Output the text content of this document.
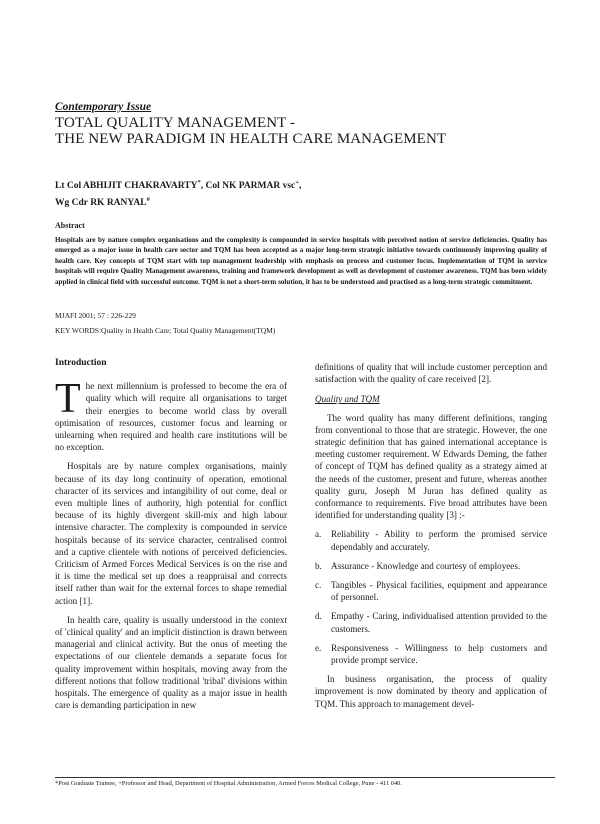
Contemporary Issue

TOTAL QUALITY MANAGEMENT -
THE NEW PARADIGM IN HEALTH CARE MANAGEMENT
Lt Col ABHIJIT CHAKRAVARTY*, Col NK PARMAR vsc+,
Wg Cdr RK RANYAL#

Abstract

Hospitals are by nature complex organisations and the complexity is compounded in service hospitals with perceived notion of service deficiencies. Quality has emerged as a major issue in health care sector and TQM has been accepted as a major long-term strategic initiative towards continuously improving quality of health care. Key concepts of TQM start with top management leadership with emphasis on process and customer focus. Implementation of TQM in service hospitals will require Quality Management awareness, training and framework development as well as development of customer awareness. TQM has been widely applied in clinical field with successful outcome. TQM is not a short-term solution, it has to be understood and practised as a long-term strategic commitment.

MJAFI 2001; 57 : 226-229

KEY WORDS:Quality in Health Care; Total Quality Management(TQM)

Introduction

The next millennium is professed to become the era of quality which will require all organisations to target their energies to become world class by overall optimisation of resources, customer focus and learning or unlearning when required and health care institutions will be no exception.

Hospitals are by nature complex organisations, mainly because of its day long continuity of operation, emotional character of its services and intangibility of out come, deal or even multiple lines of authority, high potential for conflict because of its highly divergent skill-mix and high labour intensive character. The complexity is compounded in service hospitals because of its service character, centralised control and a captive clientele with notions of perceived deficiencies. Criticism of Armed Forces Medical Services is on the rise and it is time the medical set up does a reappraisal and corrects itself rather than wait for the external forces to shape remedial action [1].

In health care, quality is usually understood in the context of 'clinical quality' and an implicit distinction is drawn between managerial and clinical activity. But the onus of meeting the expectations of our clientele demands a separate focus for quality improvement within hospitals, moving away from the different notions that follow traditional 'tribal' divisions within hospitals. The emergence of quality as a major issue in health care is demanding participation in new

definitions of quality that will include customer perception and satisfaction with the quality of care received [2].

Quality and TQM

The word quality has many different definitions, ranging from conventional to those that are strategic. However, the one strategic definition that has gained international acceptance is meeting customer requirement. W Edwards Deming, the father of concept of TQM has defined quality as a strategy aimed at the needs of the customer, present and future, whereas another quality guru, Joseph M Juran has defined quality as conformance to requirements. Five broad attributes have been identified for understanding quality [3] :-

a. Reliability - Ability to perform the promised service dependably and accurately.
b. Assurance - Knowledge and courtesy of employees.
c. Tangibles - Physical facilities, equipment and appearance of personnel.
d. Empathy - Caring, individualised attention provided to the customers.
e. Responsiveness - Willingness to help customers and provide prompt service.

In business organisation, the process of quality improvement is now dominated by theory and application of TQM. This approach to management devel-

*Post Graduate Trainee, +Professor and Head, Department of Hospital Administration, Armed Forces Medical College, Pune - 411 040.
